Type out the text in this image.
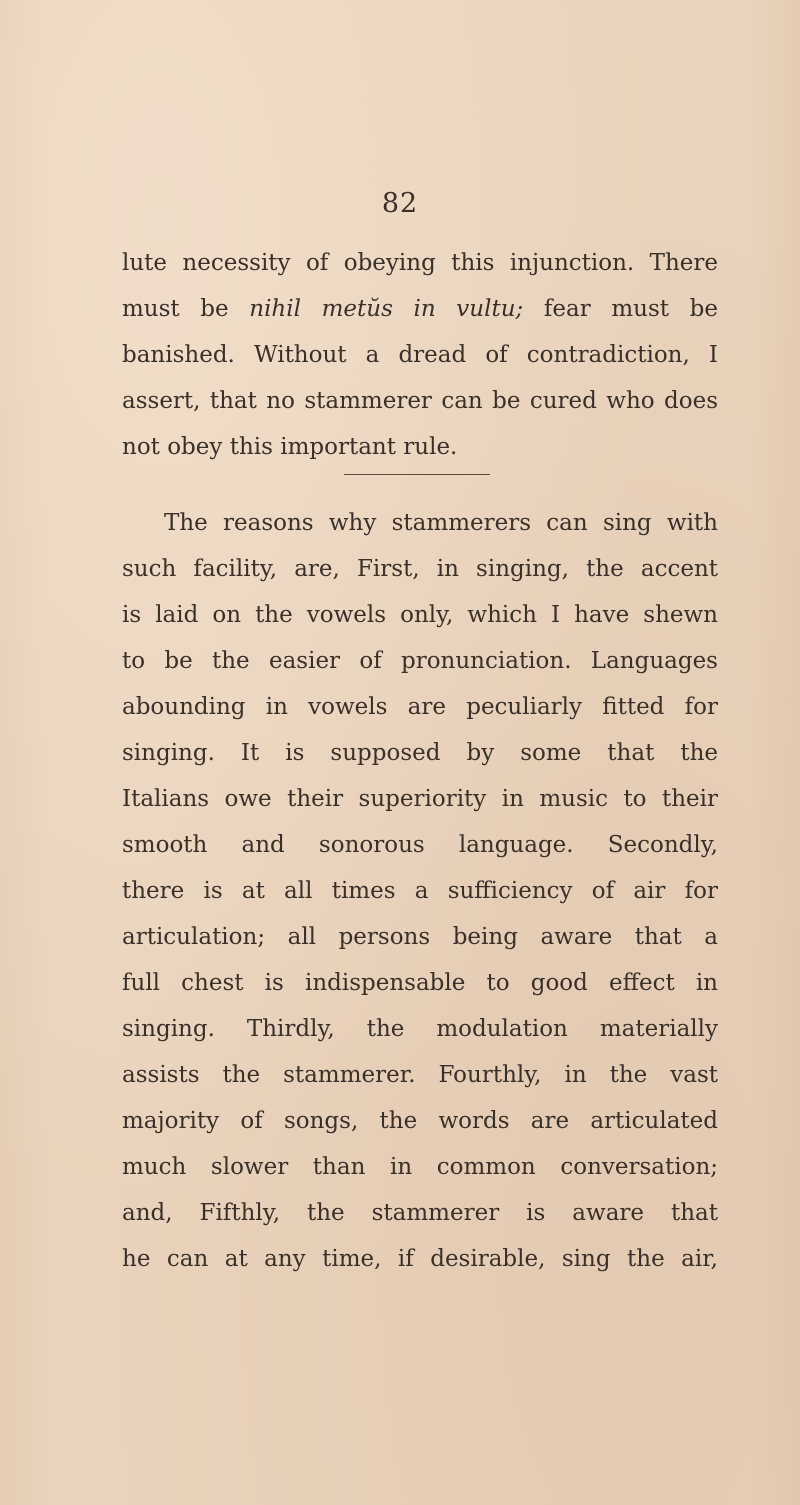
82
lute necessity of obeying this injunction. There
must be nihil metŭs in vultu; fear must be
banished. Without a dread of contradiction, I
assert, that no stammerer can be cured who does
not obey this important rule.
The reasons why stammerers can sing with
such facility, are, First, in singing, the accent
is laid on the vowels only, which I have shewn
to be the easier of pronunciation. Languages
abounding in vowels are peculiarly fitted for
singing. It is supposed by some that the
Italians owe their superiority in music to their
smooth and sonorous language. Secondly,
there is at all times a sufficiency of air for
articulation; all persons being aware that a
full chest is indispensable to good effect in
singing. Thirdly, the modulation materially
assists the stammerer. Fourthly, in the vast
majority of songs, the words are articulated
much slower than in common conversation;
and, Fifthly, the stammerer is aware that
he can at any time, if desirable, sing the air,
